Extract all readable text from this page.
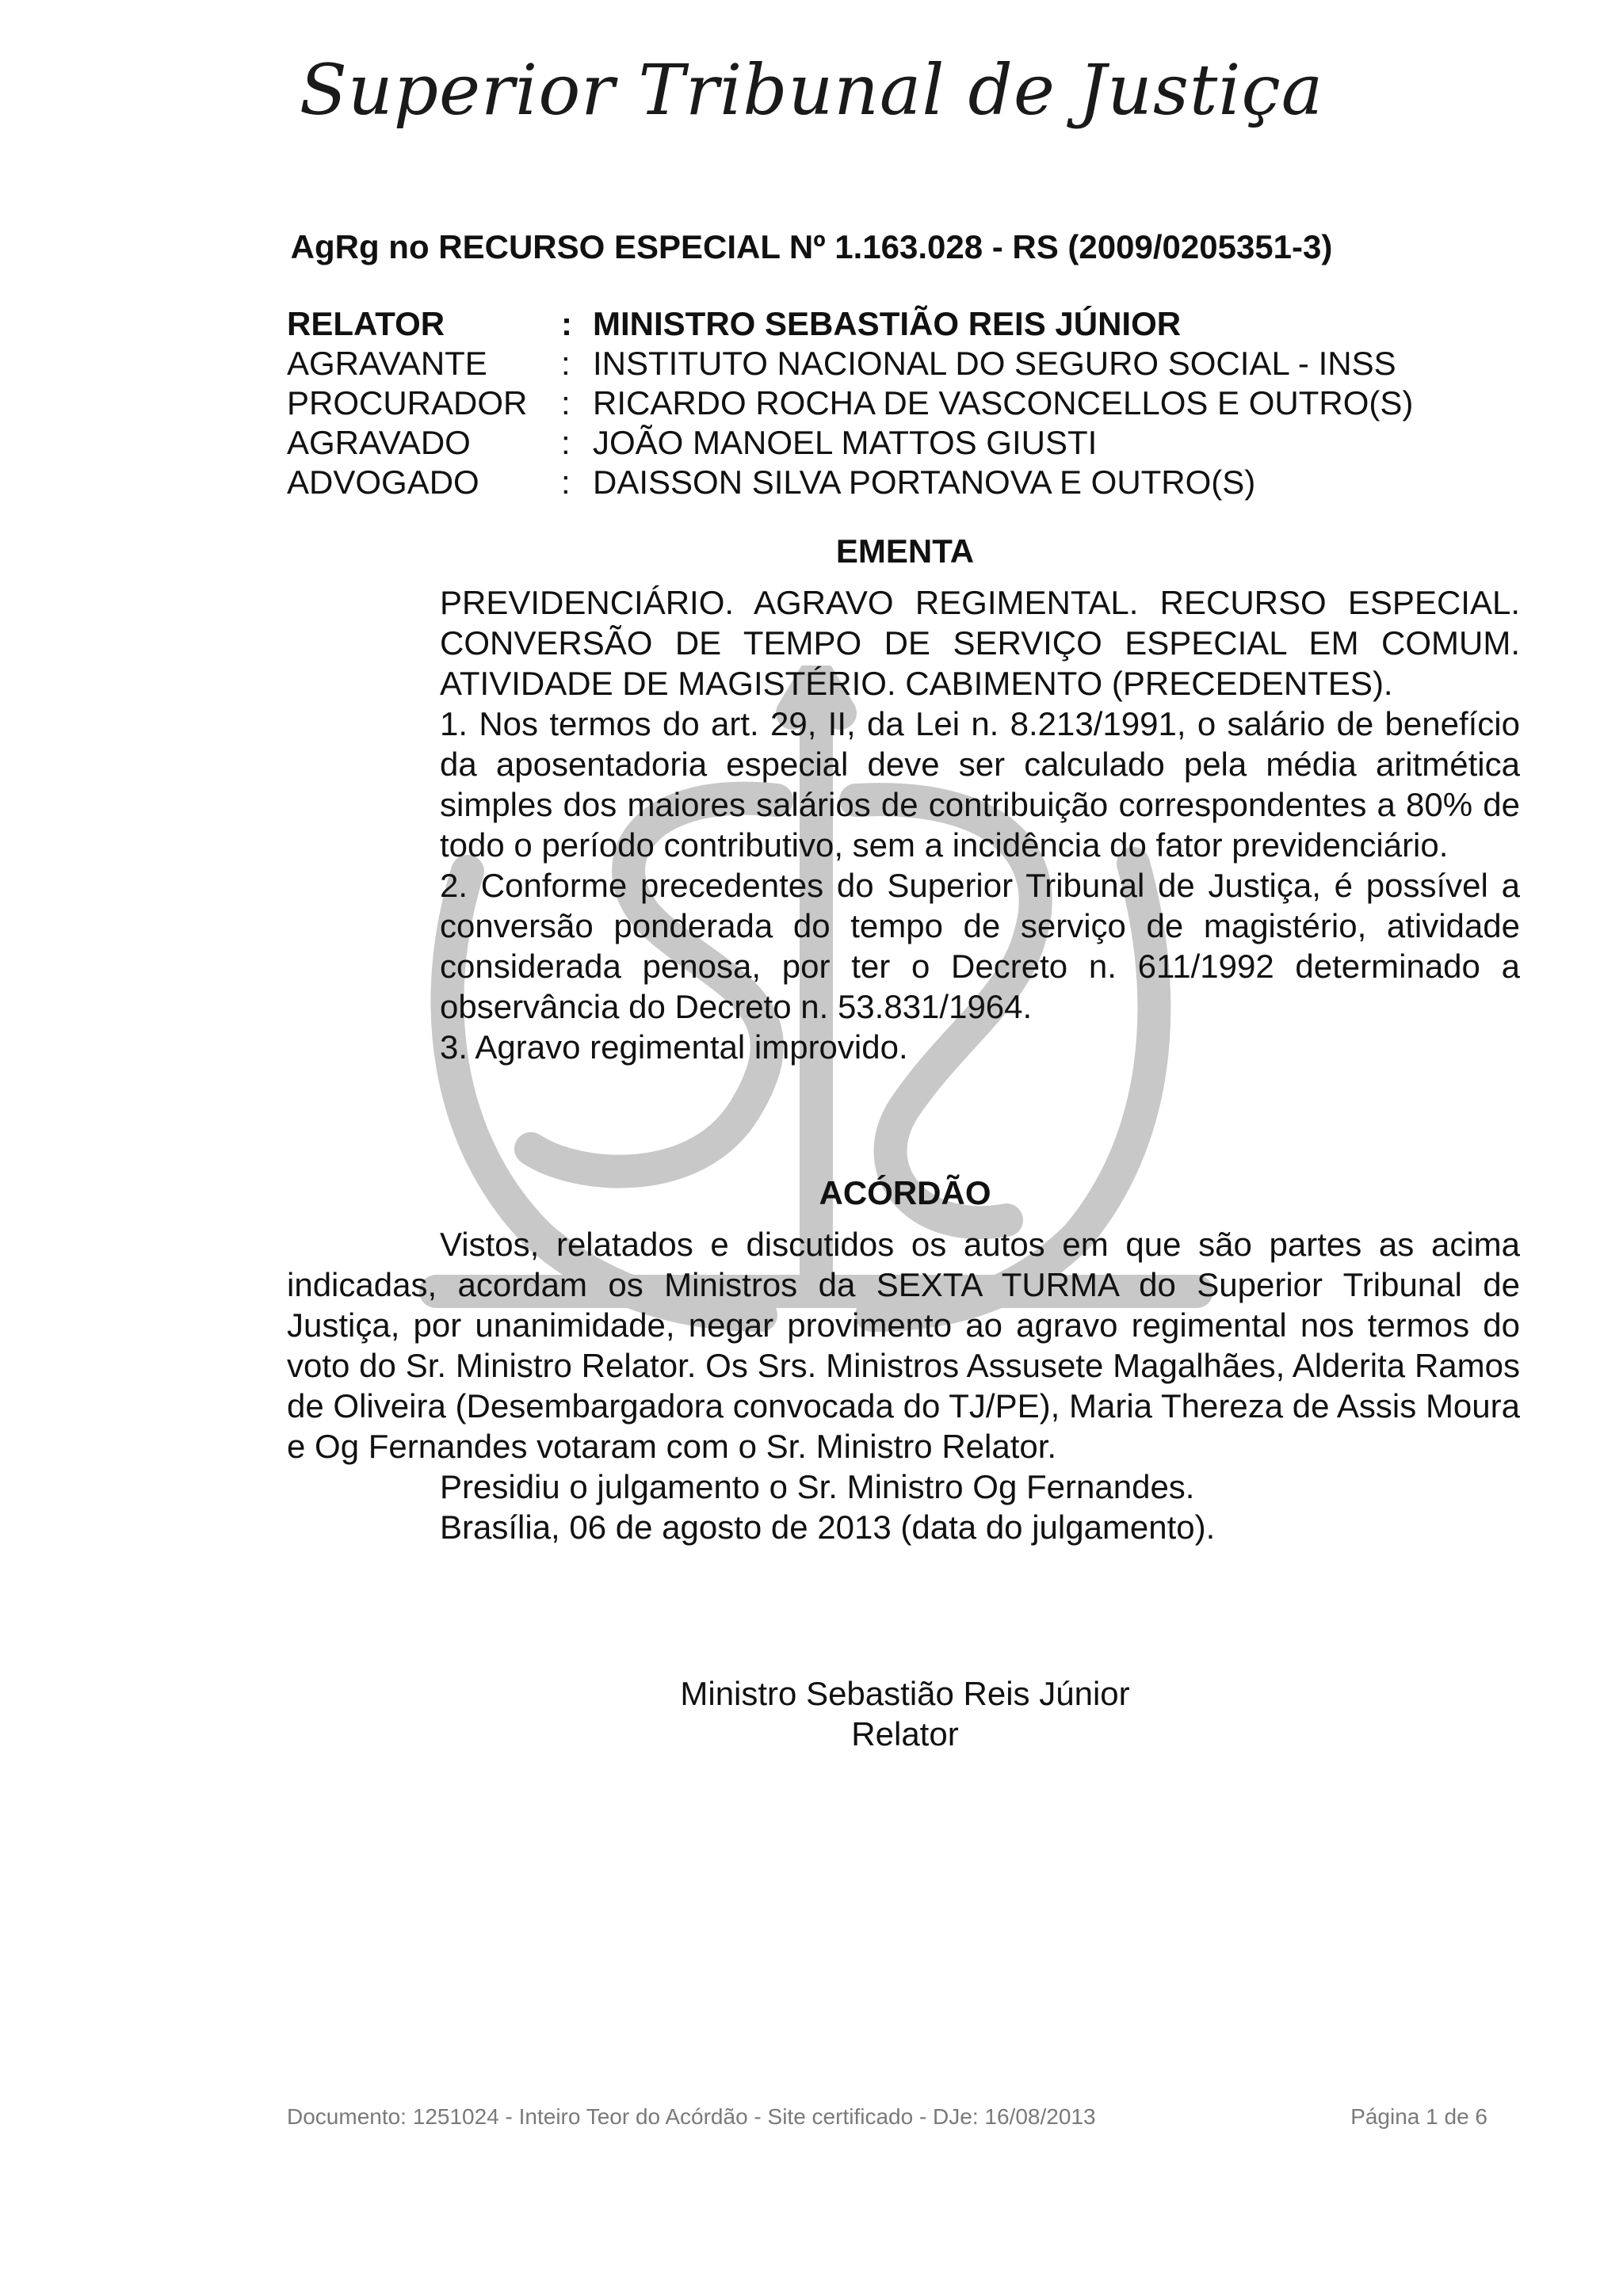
Superior Tribunal de Justiça
AgRg no RECURSO ESPECIAL Nº 1.163.028 - RS (2009/0205351-3)
RELATOR	: MINISTRO SEBASTIÃO REIS JÚNIOR
AGRAVANTE	: INSTITUTO NACIONAL DO SEGURO SOCIAL - INSS
PROCURADOR	: RICARDO ROCHA DE VASCONCELLOS E OUTRO(S)
AGRAVADO	: JOÃO MANOEL MATTOS GIUSTI
ADVOGADO	: DAISSON SILVA PORTANOVA E OUTRO(S)
EMENTA

PREVIDENCIÁRIO. AGRAVO REGIMENTAL. RECURSO ESPECIAL. CONVERSÃO DE TEMPO DE SERVIÇO ESPECIAL EM COMUM. ATIVIDADE DE MAGISTÉRIO. CABIMENTO (PRECEDENTES).

1. Nos termos do art. 29, II, da Lei n. 8.213/1991, o salário de benefício da aposentadoria especial deve ser calculado pela média aritmética simples dos maiores salários de contribuição correspondentes a 80% de todo o período contributivo, sem a incidência do fator previdenciário.

2. Conforme precedentes do Superior Tribunal de Justiça, é possível a conversão ponderada do tempo de serviço de magistério, atividade considerada penosa, por ter o Decreto n. 611/1992 determinado a observância do Decreto n. 53.831/1964.

3. Agravo regimental improvido.

ACÓRDÃO

Vistos, relatados e discutidos os autos em que são partes as acima indicadas, acordam os Ministros da SEXTA TURMA do Superior Tribunal de Justiça, por unanimidade, negar provimento ao agravo regimental nos termos do voto do Sr. Ministro Relator. Os Srs. Ministros Assusete Magalhães, Alderita Ramos de Oliveira (Desembargadora convocada do TJ/PE), Maria Thereza de Assis Moura e Og Fernandes votaram com o Sr. Ministro Relator.

Presidiu o julgamento o Sr. Ministro Og Fernandes.

Brasília, 06 de agosto de 2013 (data do julgamento).

Ministro Sebastião Reis Júnior
Relator
Documento: 1251024 - Inteiro Teor do Acórdão - Site certificado - DJe: 16/08/2013	Página 1 de 6
